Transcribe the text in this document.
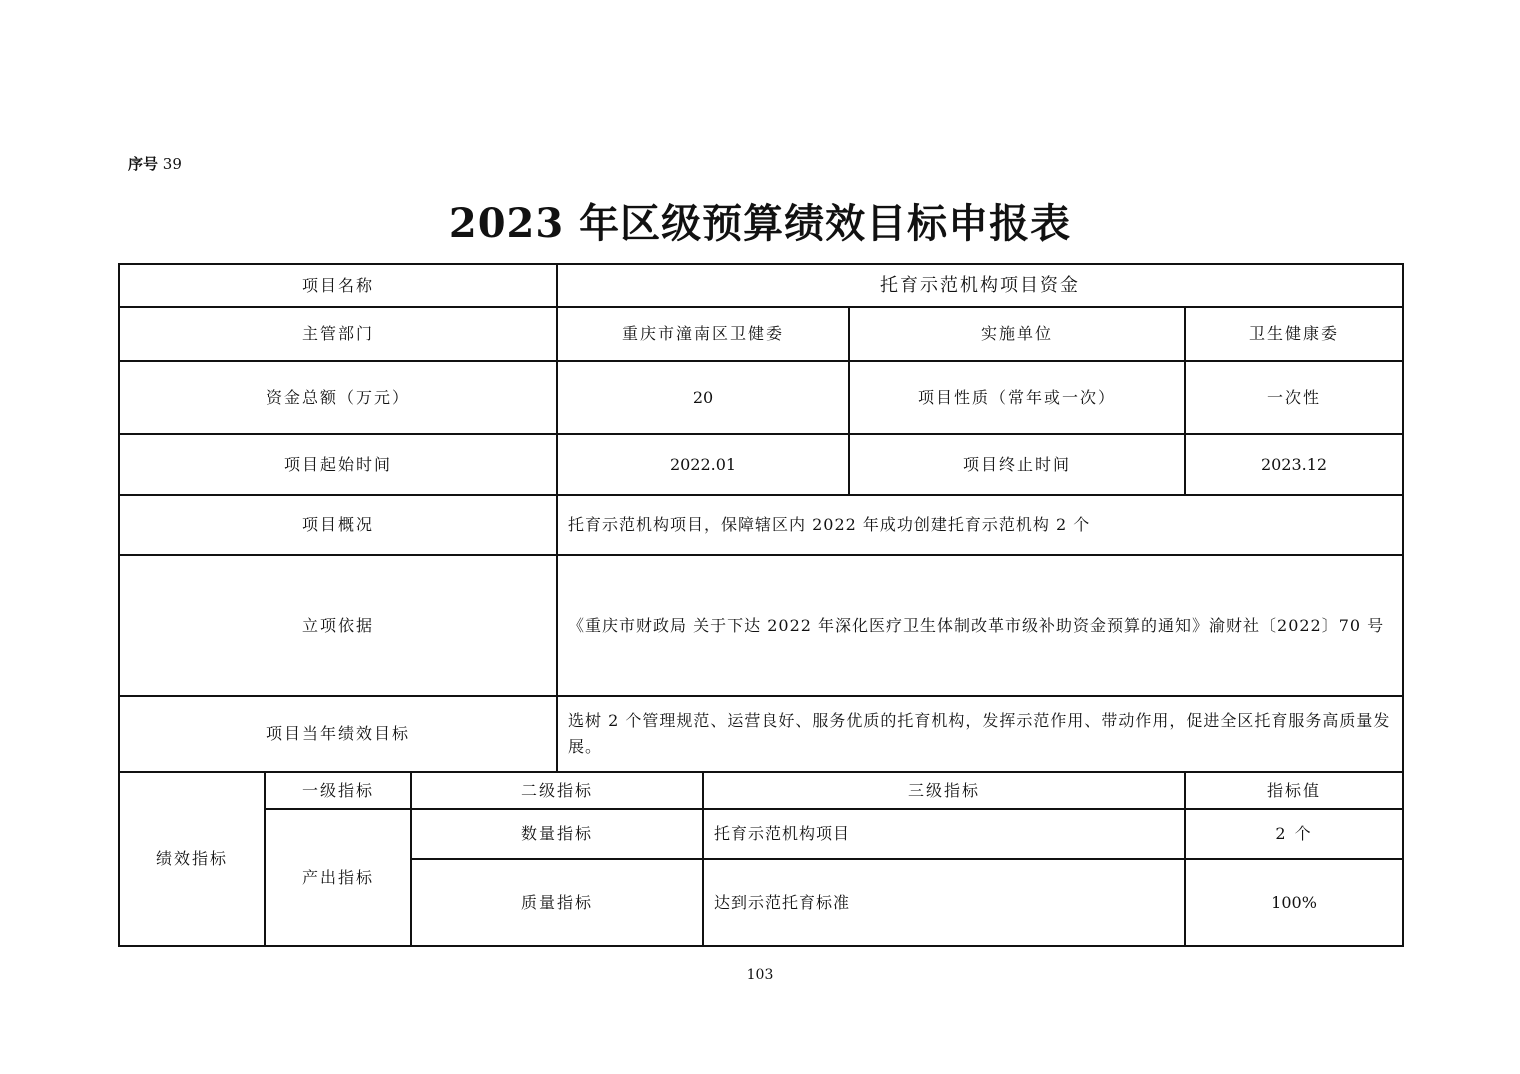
序号 39
2023 年区级预算绩效目标申报表
项目名称			托育示范机构项目资金			
主管部门			重庆市潼南区卫健委		实施单位	卫生健康委
资金总额（万元）			20		项目性质（常年或一次）	一次性
项目起始时间			2022.01		项目终止时间	2023.12
项目概况			托育示范机构项目，保障辖区内 2022 年成功创建托育示范机构 2 个			
立项依据			《重庆市财政局 关于下达 2022 年深化医疗卫生体制改革市级补助资金预算的通知》渝财社〔2022〕70 号			
项目当年绩效目标			选树 2 个管理规范、运营良好、服务优质的托育机构，发挥示范作用、带动作用，促进全区托育服务高质量发展。			
绩效指标	一级指标	二级指标		三级指标		指标值
	产出指标	数量指标		托育示范机构项目		2 个
		质量指标		达到示范托育标准		100%
103
